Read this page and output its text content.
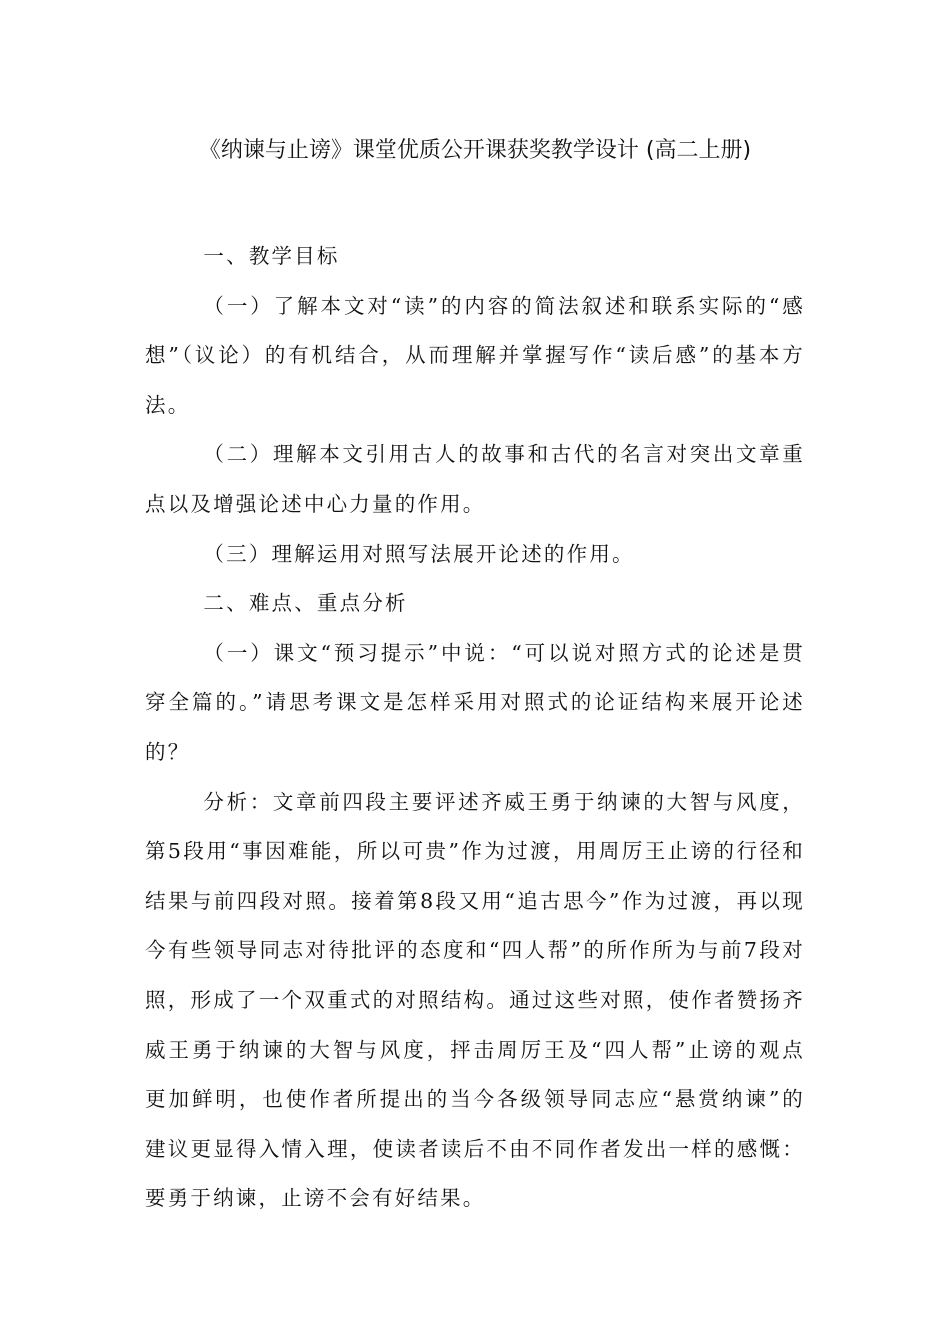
《纳谏与止谤》课堂优质公开课获奖教学设计 (高二上册)

一、教学目标

（一）了解本文对“读”的内容的简法叙述和联系实际的“感想”（议论）的有机结合，从而理解并掌握写作“读后感”的基本方法。

（二）理解本文引用古人的故事和古代的名言对突出文章重点以及增强论述中心力量的作用。

（三）理解运用对照写法展开论述的作用。

二、难点、重点分析

（一）课文“预习提示”中说：“可以说对照方式的论述是贯穿全篇的。”请思考课文是怎样采用对照式的论证结构来展开论述的？

分析：文章前四段主要评述齐威王勇于纳谏的大智与风度，第5段用“事因难能，所以可贵”作为过渡，用周厉王止谤的行径和结果与前四段对照。接着第8段又用“追古思今”作为过渡，再以现今有些领导同志对待批评的态度和“四人帮”的所作所为与前7段对照，形成了一个双重式的对照结构。通过这些对照，使作者赞扬齐威王勇于纳谏的大智与风度，抨击周厉王及“四人帮”止谤的观点更加鲜明，也使作者所提出的当今各级领导同志应“悬赏纳谏”的建议更显得入情入理，使读者读后不由不同作者发出一样的感慨：要勇于纳谏，止谤不会有好结果。
